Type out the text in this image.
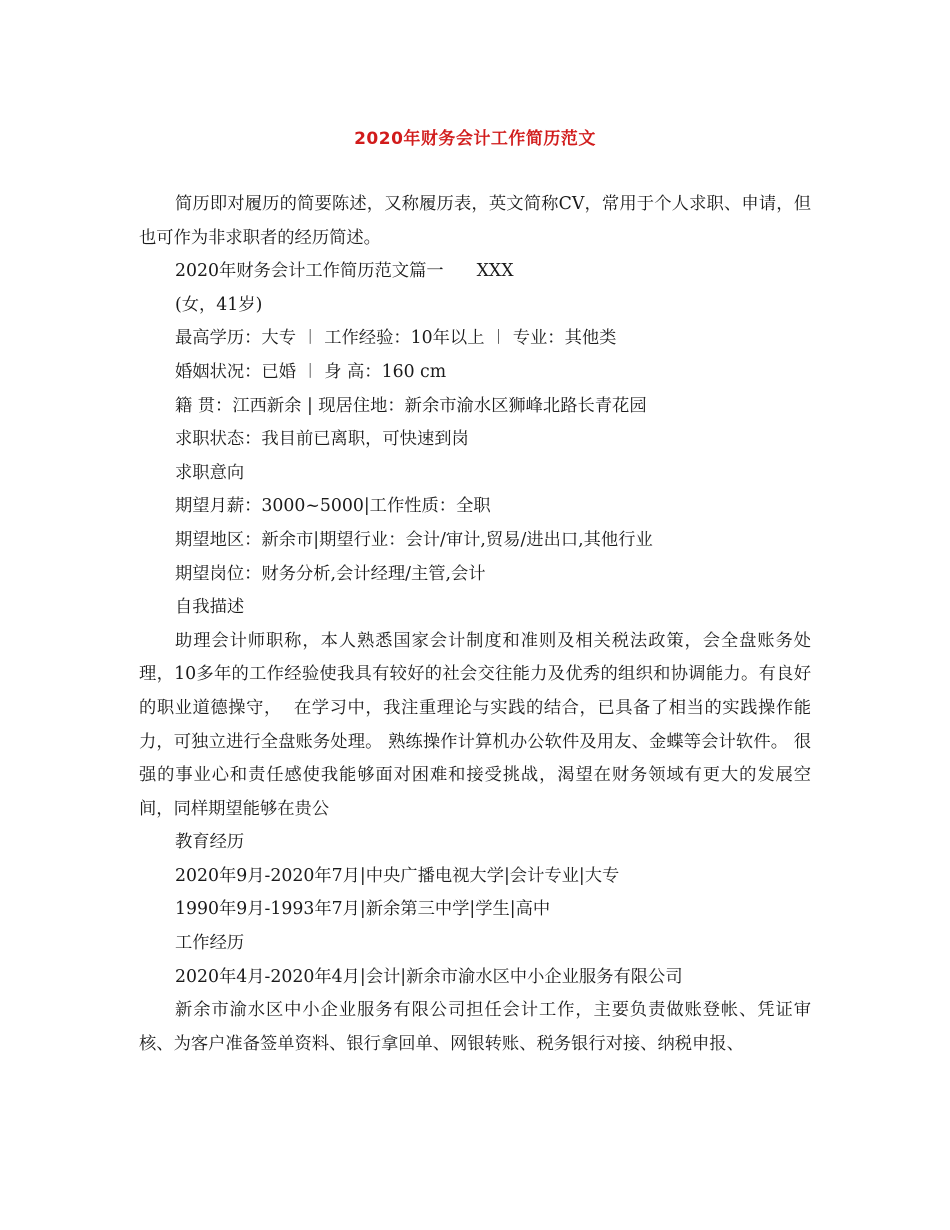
2020年财务会计工作简历范文

简历即对履历的简要陈述，又称履历表，英文简称CV，常用于个人求职、申请，但也可作为非求职者的经历简述。

2020年财务会计工作简历范文篇一      XXX

(女，41岁)

最高学历：大专 ︱ 工作经验：10年以上 ︱ 专业：其他类

婚姻状况：已婚 ︱ 身 高：160 cm

籍 贯：江西新余 | 现居住地：新余市渝水区狮峰北路长青花园

求职状态：我目前已离职，可快速到岗

求职意向

期望月薪：3000~5000|工作性质：全职

期望地区：新余市|期望行业：会计/审计,贸易/进出口,其他行业

期望岗位：财务分析,会计经理/主管,会计

自我描述

助理会计师职称，本人熟悉国家会计制度和准则及相关税法政策，会全盘账务处理，10多年的工作经验使我具有较好的社会交往能力及优秀的组织和协调能力。有良好的职业道德操守，  在学习中，我注重理论与实践的结合，已具备了相当的实践操作能力，可独立进行全盘账务处理。 熟练操作计算机办公软件及用友、金蝶等会计软件。 很强的事业心和责任感使我能够面对困难和接受挑战，渴望在财务领域有更大的发展空间，同样期望能够在贵公

教育经历

2020年9月-2020年7月|中央广播电视大学|会计专业|大专

1990年9月-1993年7月|新余第三中学|学生|高中

工作经历

2020年4月-2020年4月|会计|新余市渝水区中小企业服务有限公司

新余市渝水区中小企业服务有限公司担任会计工作，主要负责做账登帐、凭证审核、为客户准备签单资料、银行拿回单、网银转账、税务银行对接、纳税申报、
